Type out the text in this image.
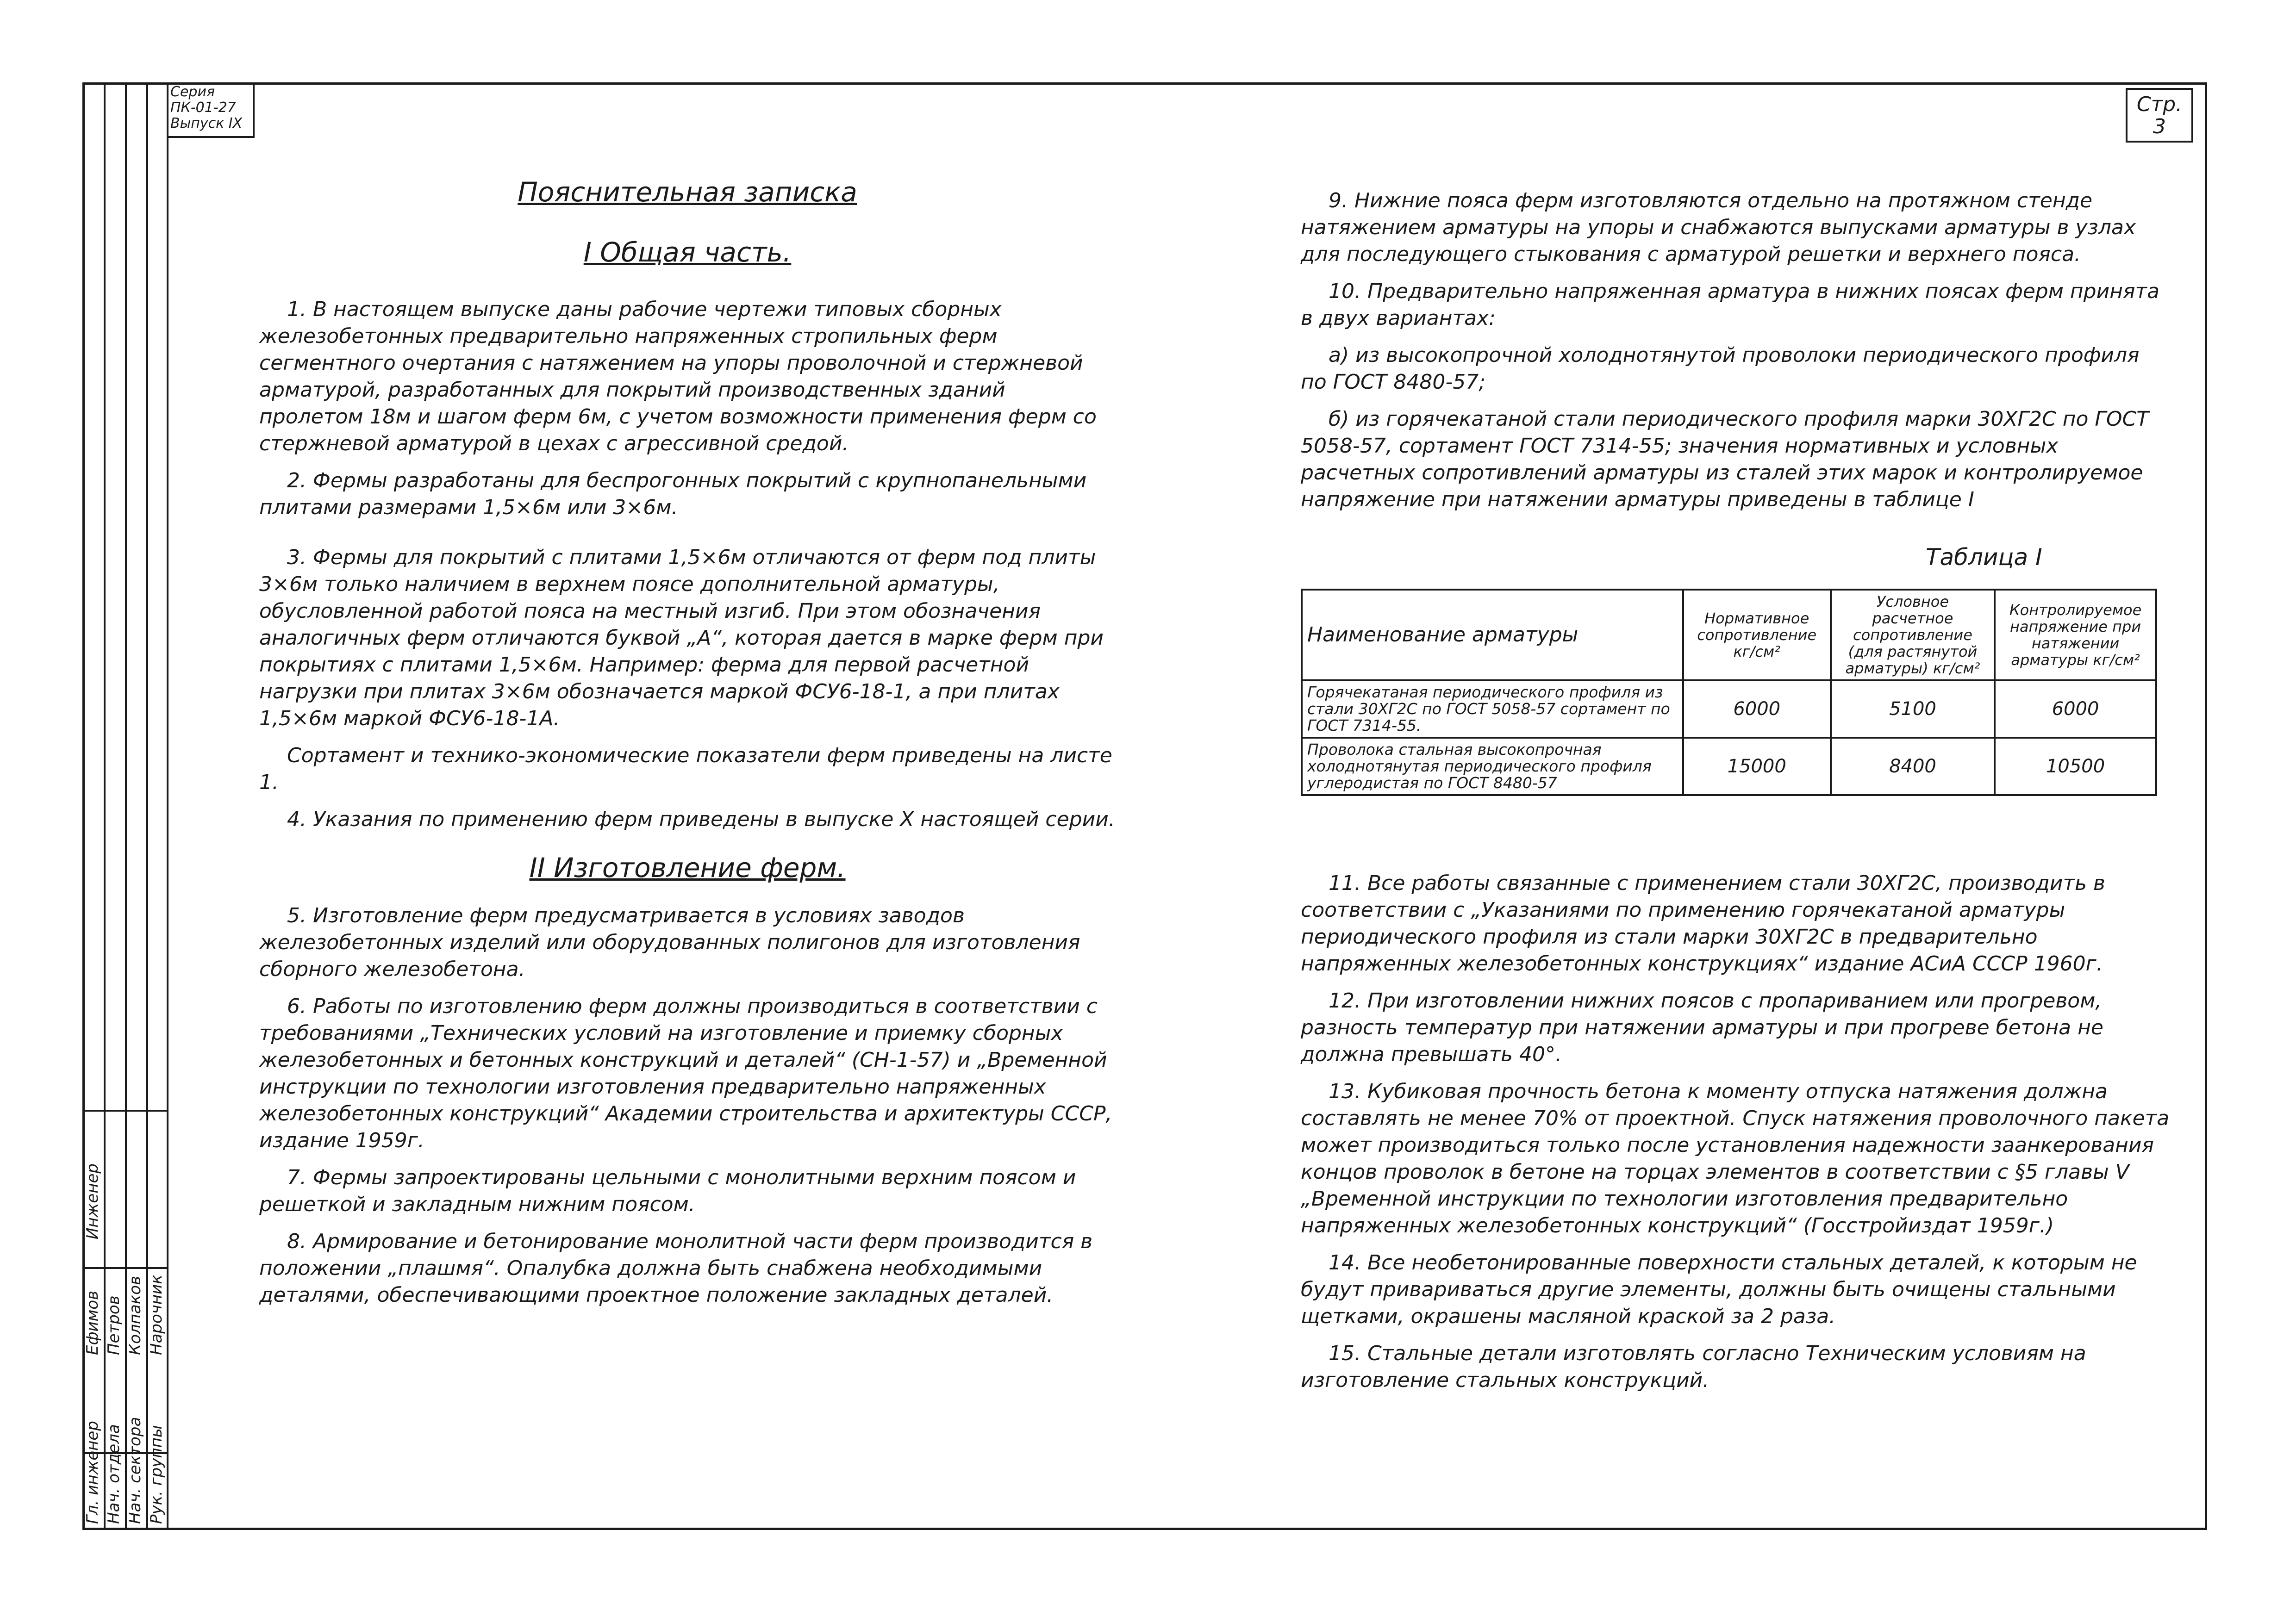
Гл. инженер Нач. отдела Нач. сектора Рук. группы
Ефимов Петров Колпаков Нарочник
Инженер
Серия ПК-01-27
Выпуск IX
Стр.
3

Пояснительная записка

I Общая часть.

1. В настоящем выпуске даны рабочие чертежи типовых сборных железобетонных предварительно напряженных стропильных ферм сегментного очертания с натяжением на упоры проволочной и стержневой арматурой, разработанных для покрытий производственных зданий пролетом 18м и шагом ферм 6м, с учетом возможности применения ферм со стержневой арматурой в цехах с агрессивной средой.

2. Фермы разработаны для беспрогонных покрытий с крупнопанельными плитами размерами 1,5×6м или 3×6м.

3. Фермы для покрытий с плитами 1,5×6м отличаются от ферм под плиты 3×6м только наличием в верхнем поясе дополнительной арматуры, обусловленной работой пояса на местный изгиб. При этом обозначения аналогичных ферм отличаются буквой „А“, которая дается в марке ферм при покрытиях с плитами 1,5×6м. Например: ферма для первой расчетной нагрузки при плитах 3×6м обозначается маркой ФСУ6-18-1, а при плитах 1,5×6м маркой ФСУ6-18-1А.

Сортамент и технико-экономические показатели ферм приведены на листе 1.

4. Указания по применению ферм приведены в выпуске X настоящей серии.

II Изготовление ферм.

5. Изготовление ферм предусматривается в условиях заводов железобетонных изделий или оборудованных полигонов для изготовления сборного железобетона.

6. Работы по изготовлению ферм должны производиться в соответствии с требованиями „Технических условий на изготовление и приемку сборных железобетонных и бетонных конструкций и деталей“ (СН-1-57) и „Временной инструкции по технологии изготовления предварительно напряженных железобетонных конструкций“ Академии строительства и архитектуры СССР, издание 1959г.

7. Фермы запроектированы цельными с монолитными верхним поясом и решеткой и закладным нижним поясом.

8. Армирование и бетонирование монолитной части ферм производится в положении „плашмя“. Опалубка должна быть снабжена необходимыми деталями, обеспечивающими проектное положение закладных деталей.

9. Нижние пояса ферм изготовляются отдельно на протяжном стенде натяжением арматуры на упоры и снабжаются выпусками арматуры в узлах для последующего стыкования с арматурой решетки и верхнего пояса.

10. Предварительно напряженная арматура в нижних поясах ферм принята в двух вариантах:

а) из высокопрочной холоднотянутой проволоки периодического профиля по ГОСТ 8480-57;

б) из горячекатаной стали периодического профиля марки 30ХГ2С по ГОСТ 5058-57, сортамент ГОСТ 7314-55; значения нормативных и условных расчетных сопротивлений арматуры из сталей этих марок и контролируемое напряжение при натяжении арматуры приведены в таблице I

Таблица I
Наименование арматуры	Нормативное сопротивление кг/см²	Условное расчетное сопротивление (для растянутой арматуры) кг/см²	Контролируемое напряжение при натяжении арматуры кг/см²
Горячекатаная периодического профиля из стали 30ХГ2С по ГОСТ 5058-57 сортамент по ГОСТ 7314-55.	6000	5100	6000
Проволока стальная высокопрочная холоднотянутая периодического профиля углеродистая по ГОСТ 8480-57	15000	8400	10500

11. Все работы связанные с применением стали 30ХГ2С, производить в соответствии с „Указаниями по применению горячекатаной арматуры периодического профиля из стали марки 30ХГ2С в предварительно напряженных железобетонных конструкциях“ издание АСиА СССР 1960г.

12. При изготовлении нижних поясов с пропариванием или прогревом, разность температур при натяжении арматуры и при прогреве бетона не должна превышать 40°.

13. Кубиковая прочность бетона к моменту отпуска натяжения должна составлять не менее 70% от проектной. Спуск натяжения проволочного пакета может производиться только после установления надежности заанкерования концов проволок в бетоне на торцах элементов в соответствии с §5 главы V „Временной инструкции по технологии изготовления предварительно напряженных железобетонных конструкций“ (Госстройиздат 1959г.)

14. Все необетонированные поверхности стальных деталей, к которым не будут привариваться другие элементы, должны быть очищены стальными щетками, окрашены масляной краской за 2 раза.

15. Стальные детали изготовлять согласно Техническим условиям на изготовление стальных конструкций.
